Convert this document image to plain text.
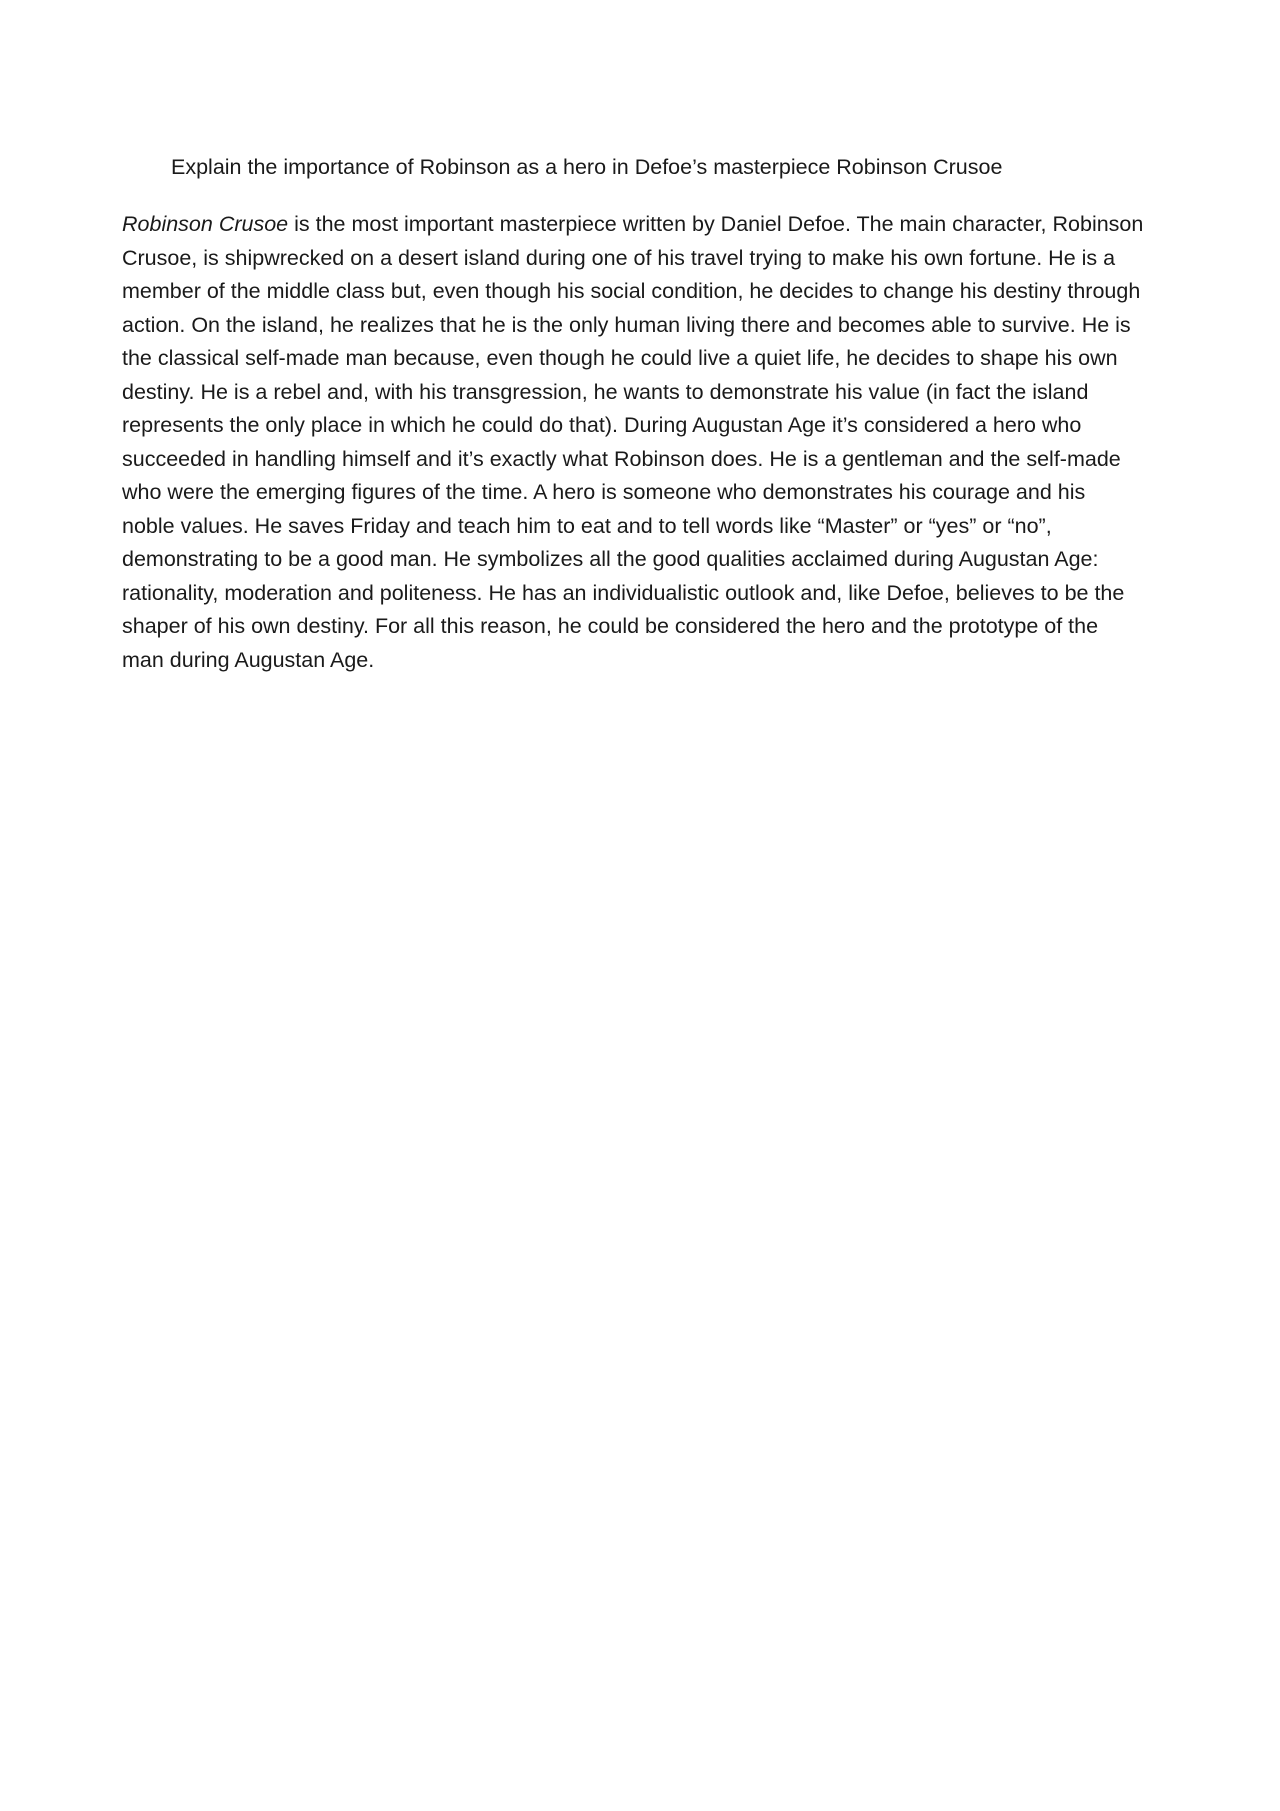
Explain the importance of Robinson as a hero in Defoe’s masterpiece Robinson Crusoe
Robinson Crusoe is the most important masterpiece written by Daniel Defoe. The main character, Robinson
Crusoe, is shipwrecked on a desert island during one of his travel trying to make his own fortune. He is a
member of the middle class but, even though his social condition, he decides to change his destiny through
action. On the island, he realizes that he is the only human living there and becomes able to survive. He is
the classical self-made man because, even though he could live a quiet life, he decides to shape his own
destiny. He is a rebel and, with his transgression, he wants to demonstrate his value (in fact the island
represents the only place in which he could do that). During Augustan Age it’s considered a hero who
succeeded in handling himself and it’s exactly what Robinson does. He is a gentleman and the self-made
who were the emerging figures of the time. A hero is someone who demonstrates his courage and his
noble values. He saves Friday and teach him to eat and to tell words like “Master” or “yes” or “no”,
demonstrating to be a good man. He symbolizes all the good qualities acclaimed during Augustan Age:
rationality, moderation and politeness. He has an individualistic outlook and, like Defoe, believes to be the
shaper of his own destiny. For all this reason, he could be considered the hero and the prototype of the
man during Augustan Age.
